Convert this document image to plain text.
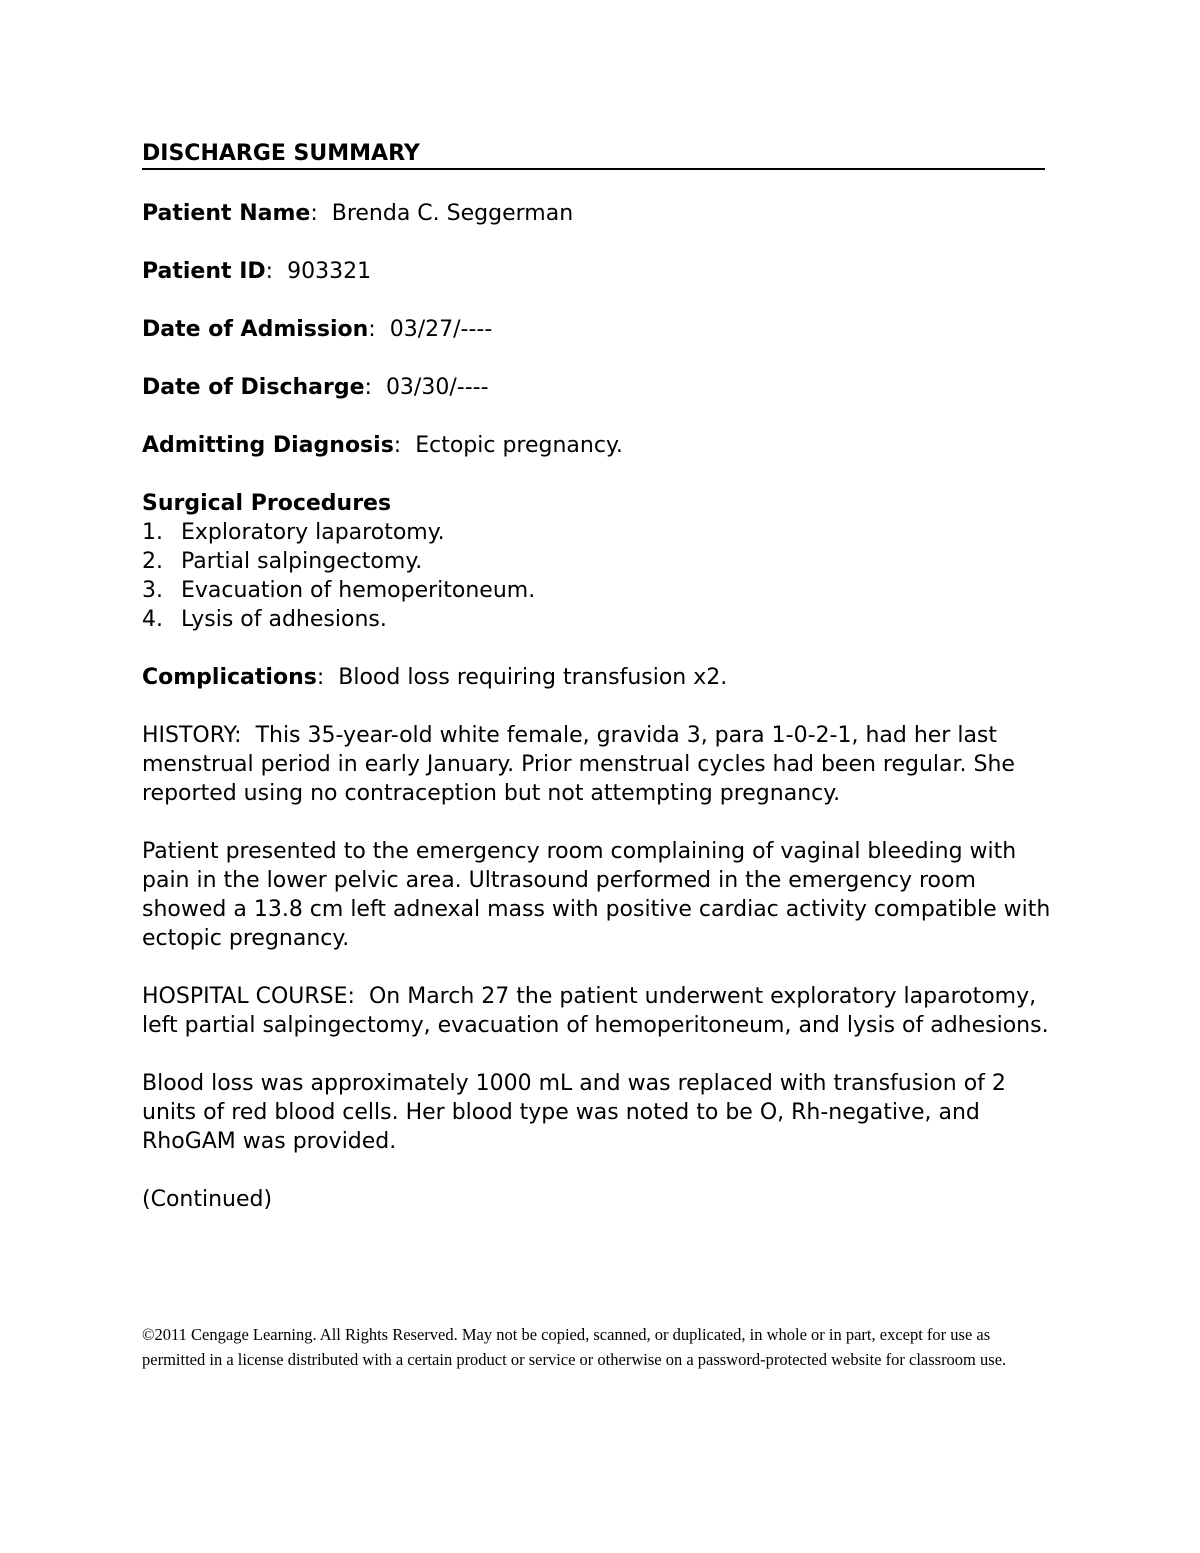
DISCHARGE SUMMARY
Patient Name: Brenda C. Seggerman
Patient ID: 903321
Date of Admission: 03/27/----
Date of Discharge: 03/30/----
Admitting Diagnosis: Ectopic pregnancy.
Surgical Procedures
1. Exploratory laparotomy.
2. Partial salpingectomy.
3. Evacuation of hemoperitoneum.
4. Lysis of adhesions.
Complications: Blood loss requiring transfusion x2.
HISTORY: This 35-year-old white female, gravida 3, para 1-0-2-1, had her last menstrual period in early January. Prior menstrual cycles had been regular. She reported using no contraception but not attempting pregnancy.
Patient presented to the emergency room complaining of vaginal bleeding with pain in the lower pelvic area. Ultrasound performed in the emergency room showed a 13.8 cm left adnexal mass with positive cardiac activity compatible with ectopic pregnancy.
HOSPITAL COURSE: On March 27 the patient underwent exploratory laparotomy, left partial salpingectomy, evacuation of hemoperitoneum, and lysis of adhesions.
Blood loss was approximately 1000 mL and was replaced with transfusion of 2 units of red blood cells. Her blood type was noted to be O, Rh-negative, and RhoGAM was provided.
(Continued)
©2011 Cengage Learning. All Rights Reserved. May not be copied, scanned, or duplicated, in whole or in part, except for use as permitted in a license distributed with a certain product or service or otherwise on a password-protected website for classroom use.
